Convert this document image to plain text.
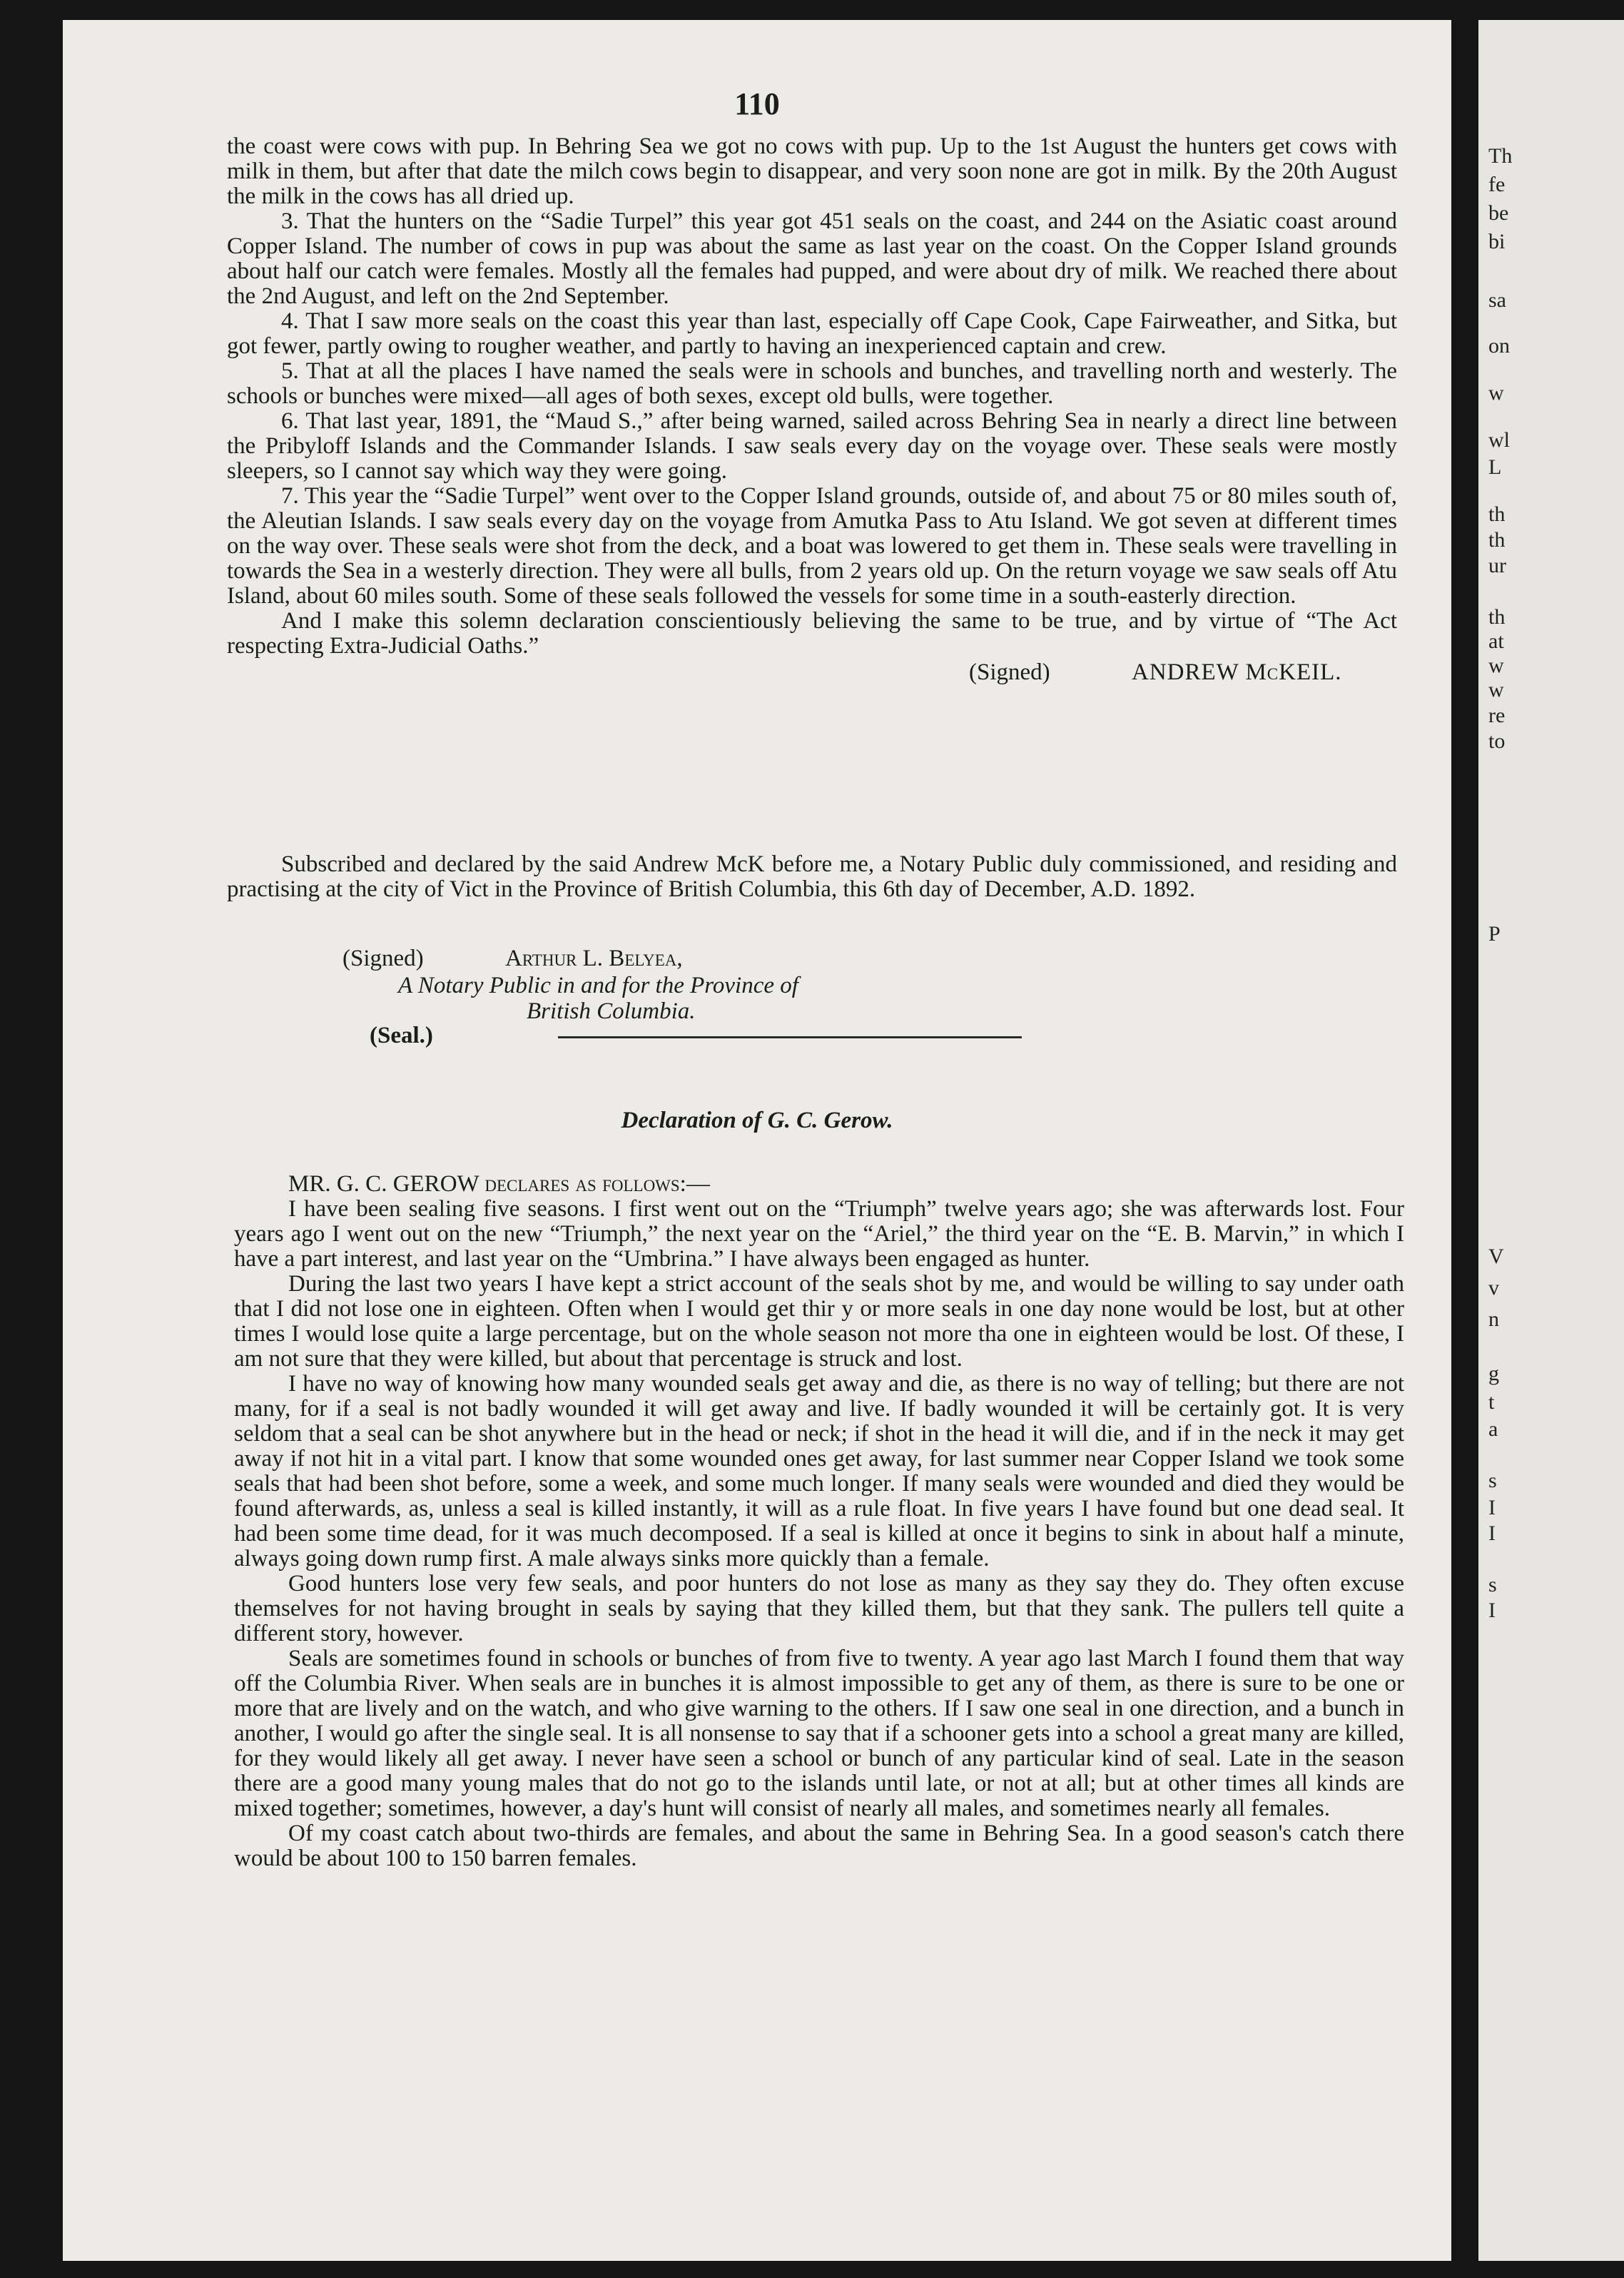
110

the coast were cows with pup. In Behring Sea we got no cows with pup. Up to the 1st August the hunters get cows with milk in them, but after that date the milch cows begin to disappear, and very soon none are got in milk. By the 20th August the milk in the cows has all dried up.

3. That the hunters on the “Sadie Turpel” this year got 451 seals on the coast, and 244 on the Asiatic coast around Copper Island. The number of cows in pup was about the same as last year on the coast. On the Copper Island grounds about half our catch were females. Mostly all the females had pupped, and were about dry of milk. We reached there about the 2nd August, and left on the 2nd September.

4. That I saw more seals on the coast this year than last, especially off Cape Cook, Cape Fairweather, and Sitka, but got fewer, partly owing to rougher weather, and partly to having an inexperienced captain and crew.

5. That at all the places I have named the seals were in schools and bunches, and travelling north and westerly. The schools or bunches were mixed—all ages of both sexes, except old bulls, were together.

6. That last year, 1891, the “Maud S.,” after being warned, sailed across Behring Sea in nearly a direct line between the Pribyloff Islands and the Commander Islands. I saw seals every day on the voyage over. These seals were mostly sleepers, so I cannot say which way they were going.

7. This year the “Sadie Turpel” went over to the Copper Island grounds, outside of, and about 75 or 80 miles south of, the Aleutian Islands. I saw seals every day on the voyage from Amutka Pass to Atu Island. We got seven at different times on the way over. These seals were shot from the deck, and a boat was lowered to get them in. These seals were travelling in towards the Sea in a westerly direction. They were all bulls, from 2 years old up. On the return voyage we saw seals off Atu Island, about 60 miles south. Some of these seals followed the vessels for some time in a south-easterly direction.

And I make this solemn declaration conscientiously believing the same to be true, and by virtue of “The Act respecting Extra-Judicial Oaths.”

(Signed)	ANDREW McKEIL.

Subscribed and declared by the said Andrew McK before me, a Notary Public duly commissioned, and residing and practising at the city of Vict in the Province of British Columbia, this 6th day of December, A.D. 1892.

(Signed)	Arthur L. Belyea,
A Notary Public in and for the Province of
British Columbia.
(Seal.)
Declaration of G. C. Gerow.

MR. G. C. GEROW declares as follows:—

I have been sealing five seasons. I first went out on the “Triumph” twelve years ago; she was afterwards lost. Four years ago I went out on the new “Triumph,” the next year on the “Ariel,” the third year on the “E. B. Marvin,” in which I have a part interest, and last year on the “Umbrina.” I have always been engaged as hunter.

During the last two years I have kept a strict account of the seals shot by me, and would be willing to say under oath that I did not lose one in eighteen. Often when I would get thir y or more seals in one day none would be lost, but at other times I would lose quite a large percentage, but on the whole season not more tha one in eighteen would be lost. Of these, I am not sure that they were killed, but about that percentage is struck and lost.

I have no way of knowing how many wounded seals get away and die, as there is no way of telling; but there are not many, for if a seal is not badly wounded it will get away and live. If badly wounded it will be certainly got. It is very seldom that a seal can be shot anywhere but in the head or neck; if shot in the head it will die, and if in the neck it may get away if not hit in a vital part. I know that some wounded ones get away, for last summer near Copper Island we took some seals that had been shot before, some a week, and some much longer. If many seals were wounded and died they would be found afterwards, as, unless a seal is killed instantly, it will as a rule float. In five years I have found but one dead seal. It had been some time dead, for it was much decomposed. If a seal is killed at once it begins to sink in about half a minute, always going down rump first. A male always sinks more quickly than a female.

Good hunters lose very few seals, and poor hunters do not lose as many as they say they do. They often excuse themselves for not having brought in seals by saying that they killed them, but that they sank. The pullers tell quite a different story, however.

Seals are sometimes found in schools or bunches of from five to twenty. A year ago last March I found them that way off the Columbia River. When seals are in bunches it is almost impossible to get any of them, as there is sure to be one or more that are lively and on the watch, and who give warning to the others. If I saw one seal in one direction, and a bunch in another, I would go after the single seal. It is all nonsense to say that if a schooner gets into a school a great many are killed, for they would likely all get away. I never have seen a school or bunch of any particular kind of seal. Late in the season there are a good many young males that do not go to the islands until late, or not at all; but at other times all kinds are mixed together; sometimes, however, a day's hunt will consist of nearly all males, and sometimes nearly all females.

Of my coast catch about two-thirds are females, and about the same in Behring Sea. In a good season's catch there would be about 100 to 150 barren females.

Th
fe
be
bi
sa
on
w
wl
L
th
th
ur
th
at
w
w
re
to
P
V
v
n
g
t
a
s
I
I
s
I
